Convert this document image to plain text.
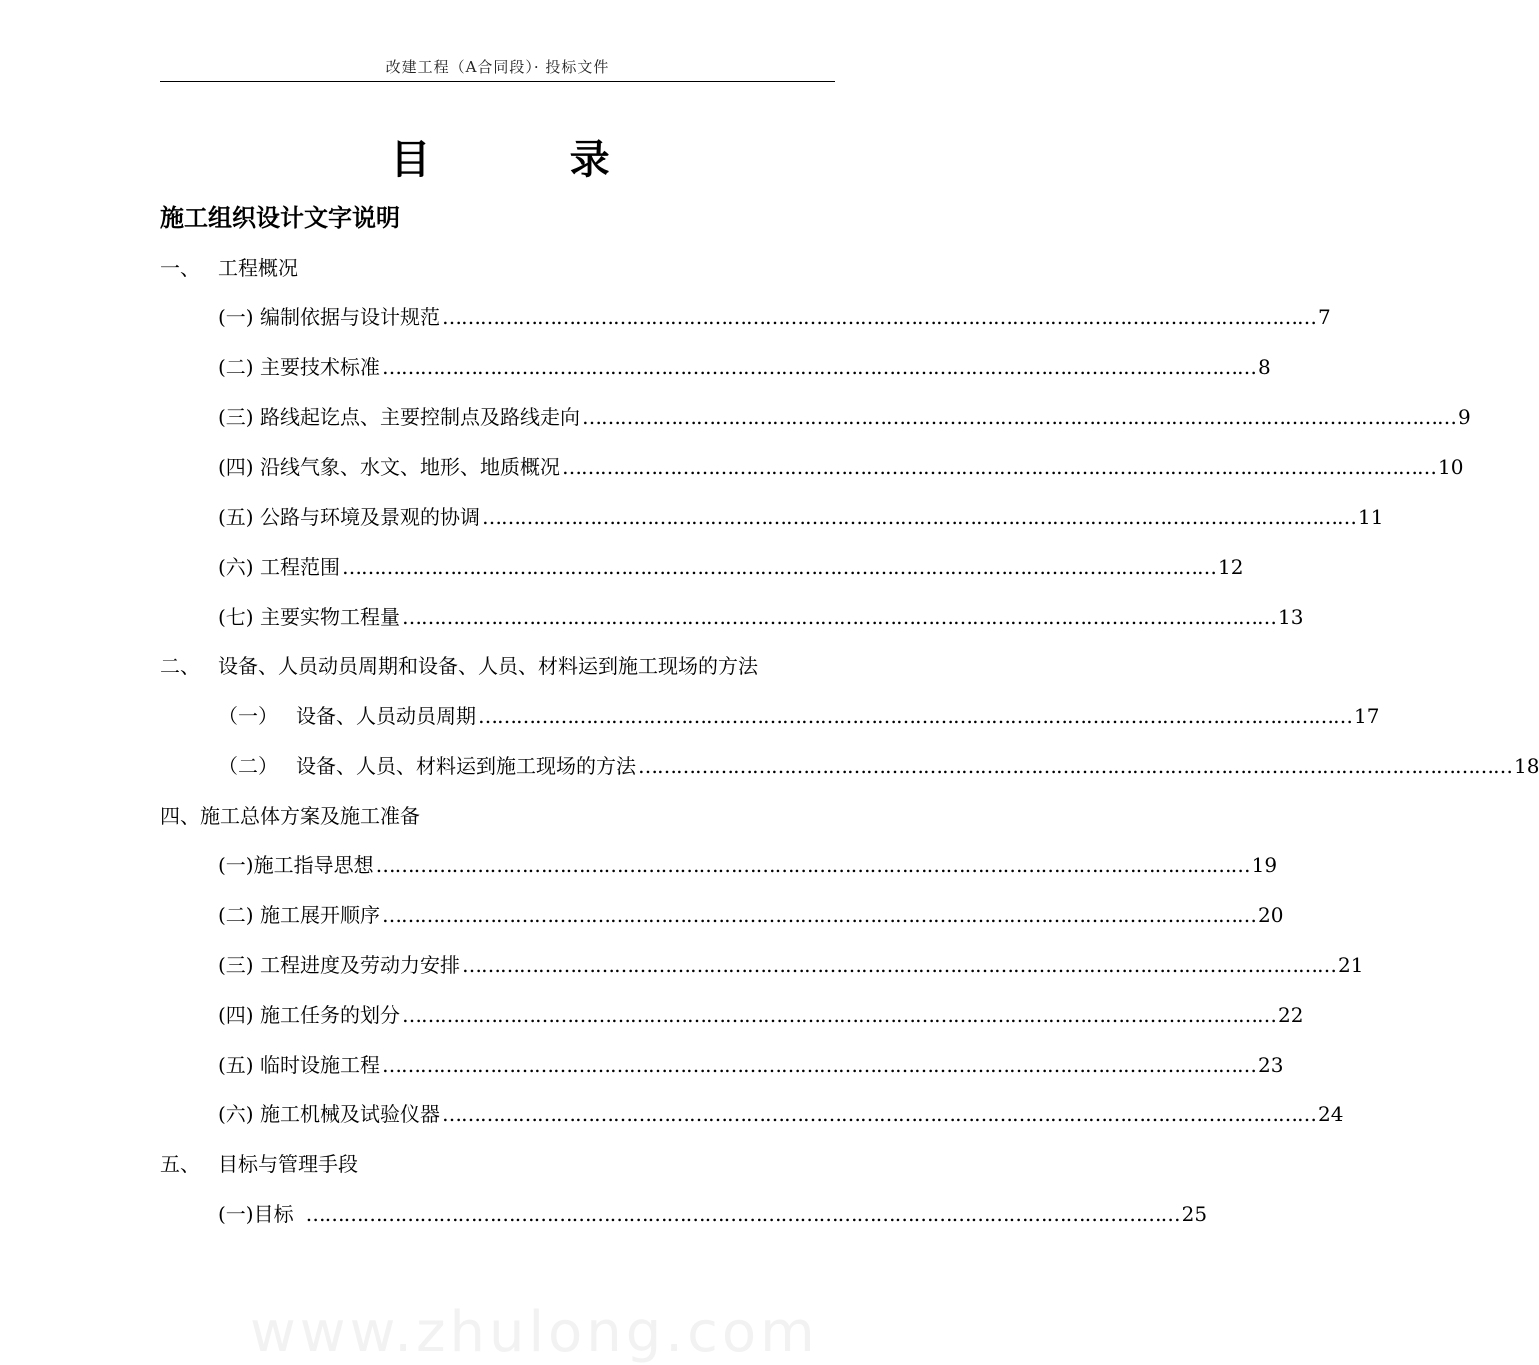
改建工程（A合同段）· 投标文件
目          录
施工组织设计文字说明
一、 工程概况
(一) 编制依据与设计规范 ………………………………………………………………………………………………………………………… 7
(二) 主要技术标准 ………………………………………………………………………………………………………………………… 8
(三) 路线起讫点、主要控制点及路线走向 ………………………………………………………………………………………………………………………… 9
(四) 沿线气象、水文、地形、地质概况 ………………………………………………………………………………………………………………………… 10
(五) 公路与环境及景观的协调 ………………………………………………………………………………………………………………………… 11
(六) 工程范围 ………………………………………………………………………………………………………………………… 12
(七) 主要实物工程量 ………………………………………………………………………………………………………………………… 13
二、 设备、人员动员周期和设备、人员、材料运到施工现场的方法
（一） 设备、人员动员周期 ………………………………………………………………………………………………………………………… 17
（二） 设备、人员、材料运到施工现场的方法 ………………………………………………………………………………………………………………………… 18
四、施工总体方案及施工准备
(一)施工指导思想 ………………………………………………………………………………………………………………………… 19
(二) 施工展开顺序 ………………………………………………………………………………………………………………………… 20
(三) 工程进度及劳动力安排 ………………………………………………………………………………………………………………………… 21
(四) 施工任务的划分 ………………………………………………………………………………………………………………………… 22
(五) 临时设施工程 ………………………………………………………………………………………………………………………… 23
(六) 施工机械及试验仪器 ………………………………………………………………………………………………………………………… 24
五、 目标与管理手段
(一)目标 ………………………………………………………………………………………………………………………… 25
www.zhulong.com
